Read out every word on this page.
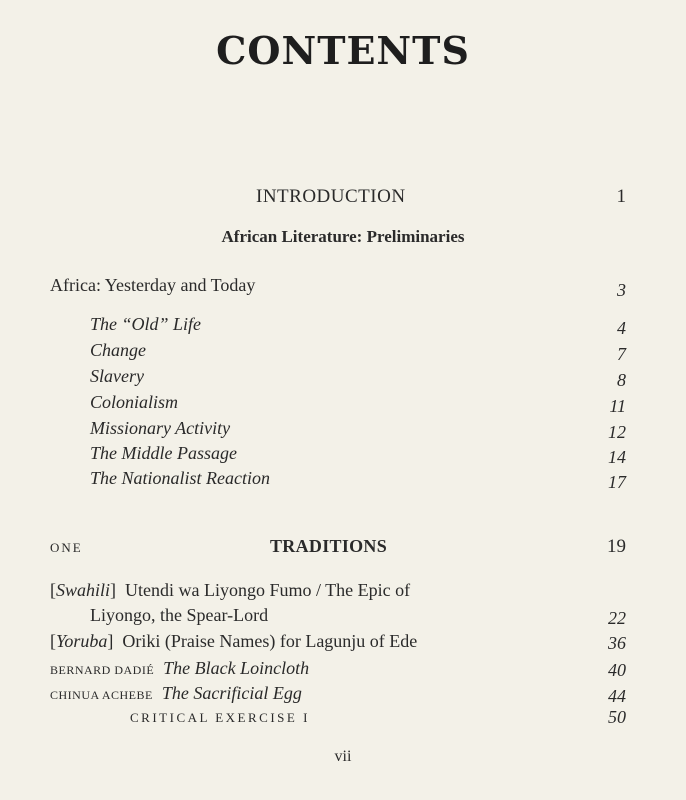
CONTENTS
INTRODUCTION	1
African Literature: Preliminaries
Africa: Yesterday and Today	3
The “Old” Life	4
Change	7
Slavery	8
Colonialism	11
Missionary Activity	12
The Middle Passage	14
The Nationalist Reaction	17
ONE	TRADITIONS	19
[Swahili] Utendi wa Liyongo Fumo / The Epic of
Liyongo, the Spear-Lord	22
[Yoruba] Oriki (Praise Names) for Lagunju of Ede	36
BERNARD DADIÉ The Black Loincloth	40
CHINUA ACHEBE The Sacrificial Egg	44
CRITICAL EXERCISE I	50
vii
